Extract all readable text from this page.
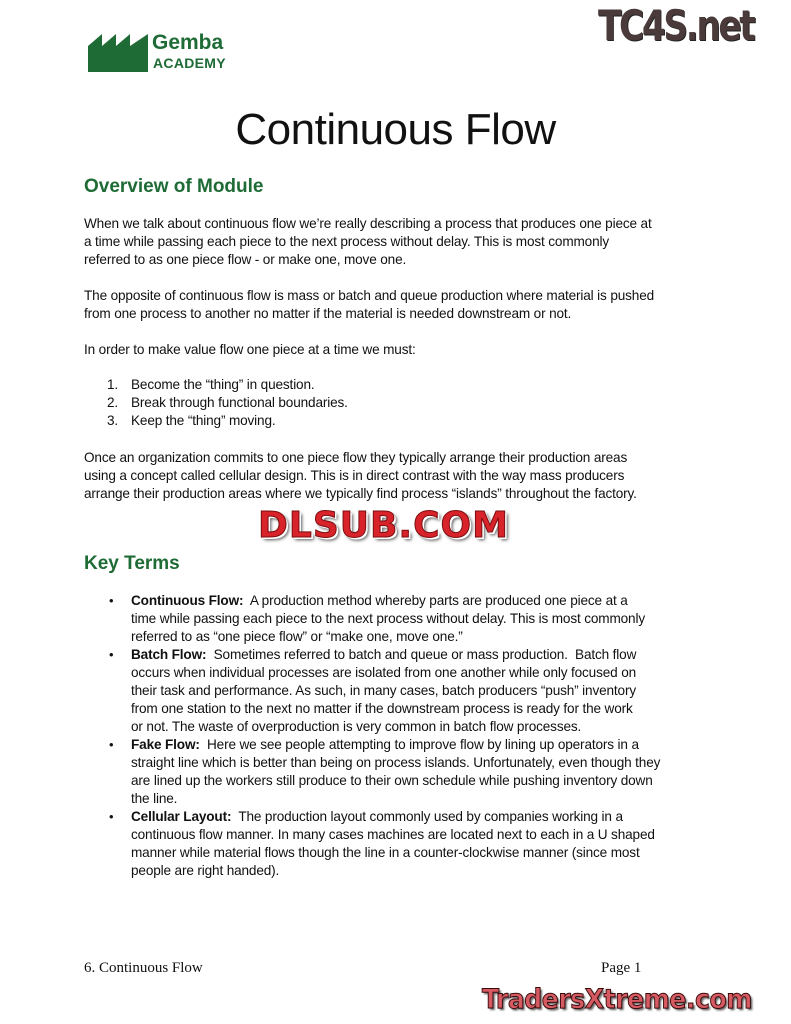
Gemba
ACADEMY
TC4S.net
Continuous Flow
Overview of Module
When we talk about continuous flow we’re really describing a process that produces one piece at
a time while passing each piece to the next process without delay. This is most commonly
referred to as one piece flow - or make one, move one.
The opposite of continuous flow is mass or batch and queue production where material is pushed
from one process to another no matter if the material is needed downstream or not.
In order to make value flow one piece at a time we must:
1. Become the “thing” in question.
2. Break through functional boundaries.
3. Keep the “thing” moving.
Once an organization commits to one piece flow they typically arrange their production areas
using a concept called cellular design. This is in direct contrast with the way mass producers
arrange their production areas where we typically find process “islands” throughout the factory.
DLSUB.COM
Key Terms
• Continuous Flow:  A production method whereby parts are produced one piece at a
time while passing each piece to the next process without delay. This is most commonly
referred to as “one piece flow” or “make one, move one.”
• Batch Flow:  Sometimes referred to batch and queue or mass production.  Batch flow
occurs when individual processes are isolated from one another while only focused on
their task and performance. As such, in many cases, batch producers “push” inventory
from one station to the next no matter if the downstream process is ready for the work
or not. The waste of overproduction is very common in batch flow processes.
• Fake Flow:  Here we see people attempting to improve flow by lining up operators in a
straight line which is better than being on process islands. Unfortunately, even though they
are lined up the workers still produce to their own schedule while pushing inventory down
the line.
• Cellular Layout:  The production layout commonly used by companies working in a
continuous flow manner. In many cases machines are located next to each in a U shaped
manner while material flows though the line in a counter-clockwise manner (since most
people are right handed).
6. Continuous Flow	Page 1
TradersXtreme.com
